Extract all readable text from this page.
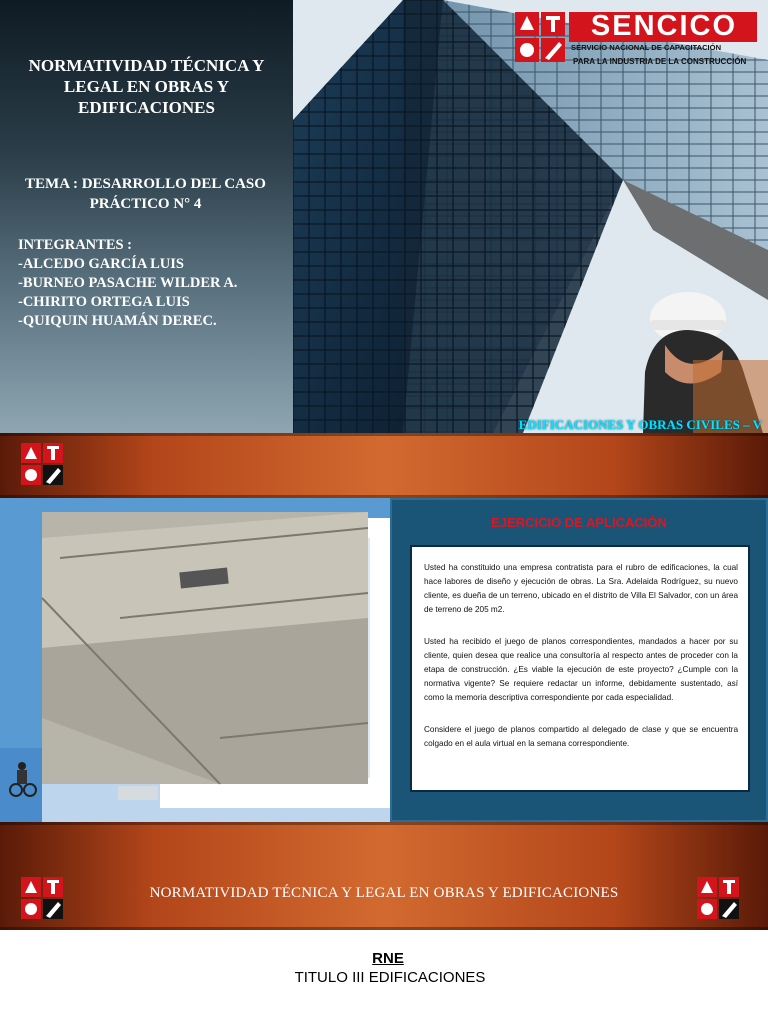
NORMATIVIDAD TÉCNICA Y LEGAL EN OBRAS Y EDIFICACIONES
TEMA : DESARROLLO DEL CASO PRÁCTICO N° 4
INTEGRANTES :
-ALCEDO GARCÍA LUIS
-BURNEO PASACHE WILDER A.
-CHIRITO ORTEGA LUIS
-QUIQUIN HUAMÁN DEREC.
PARA LA INDUSTRIA DE LA CONSTRUCCIÓN
SENCICO
SERVICIO NACIONAL DE CAPACITACIÓN
EDIFICACIONES Y OBRAS CIVILES – V
EJERCICIO DE APLICACIÓN

Usted ha constituido una empresa contratista para el rubro de edificaciones, la cual hace labores de diseño y ejecución de obras. La Sra. Adelaida Rodríguez, su nuevo cliente, es dueña de un terreno, ubicado en el distrito de Villa El Salvador, con un área de terreno de 205 m2.

Usted ha recibido el juego de planos correspondientes, mandados a hacer por su cliente, quien desea que realice una consultoría al respecto antes de proceder con la etapa de construcción. ¿Es viable la ejecución de este proyecto? ¿Cumple con la normativa vigente? Se requiere redactar un informe, debidamente sustentado, así como la memoria descriptiva correspondiente por cada especialidad.

Considere el juego de planos compartido al delegado de clase y que se encuentra colgado en el aula virtual en la semana correspondiente.

NORMATIVIDAD TÉCNICA Y LEGAL EN OBRAS Y EDIFICACIONES
RNE
TITULO III EDIFICACIONES
